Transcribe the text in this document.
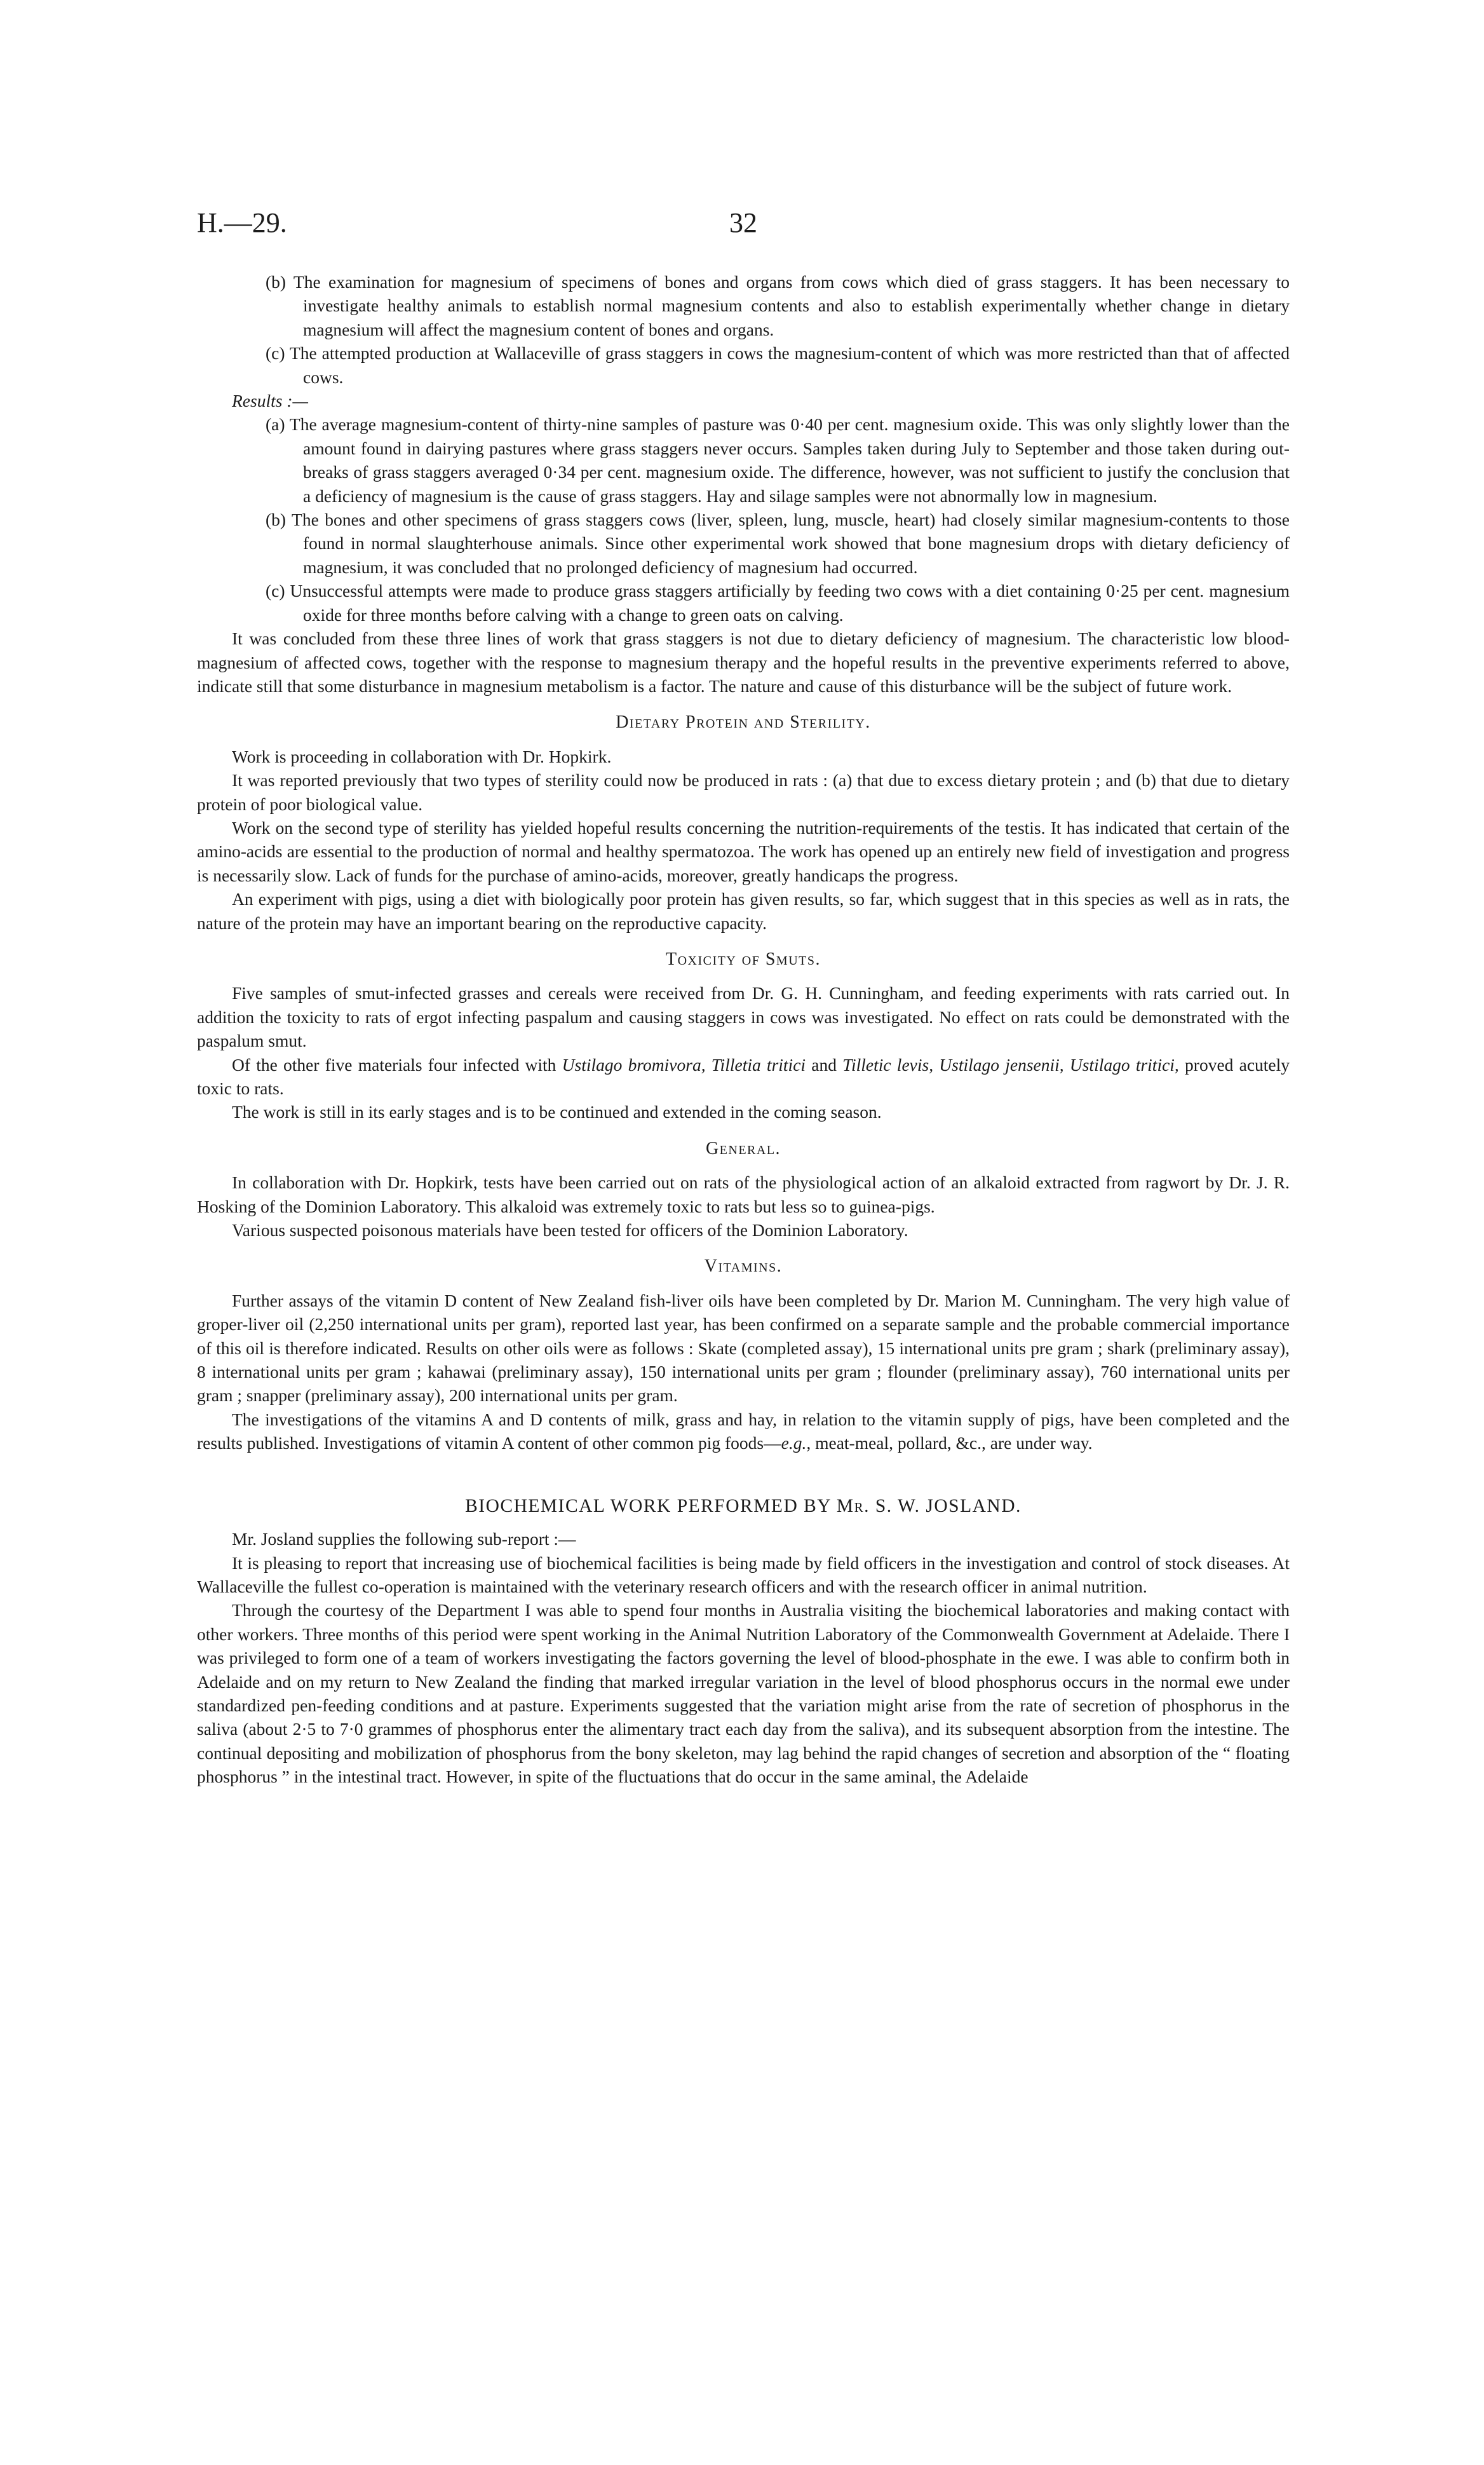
H.—29.	32

(b) The examination for magnesium of specimens of bones and organs from cows which died of grass staggers. It has been necessary to investigate healthy animals to establish normal magnesium contents and also to establish experimentally whether change in dietary magnesium will affect the magnesium content of bones and organs.

(c) The attempted production at Wallaceville of grass staggers in cows the magnesium-content of which was more restricted than that of affected cows.

Results :—

(a) The average magnesium-content of thirty-nine samples of pasture was 0·40 per cent. magnesium oxide. This was only slightly lower than the amount found in dairying pastures where grass staggers never occurs. Samples taken during July to September and those taken during out-breaks of grass staggers averaged 0·34 per cent. magnesium oxide. The difference, however, was not sufficient to justify the conclusion that a deficiency of magnesium is the cause of grass staggers. Hay and silage samples were not abnormally low in magnesium.

(b) The bones and other specimens of grass staggers cows (liver, spleen, lung, muscle, heart) had closely similar magnesium-contents to those found in normal slaughterhouse animals. Since other experimental work showed that bone magnesium drops with dietary deficiency of magnesium, it was concluded that no prolonged deficiency of magnesium had occurred.

(c) Unsuccessful attempts were made to produce grass staggers artificially by feeding two cows with a diet containing 0·25 per cent. magnesium oxide for three months before calving with a change to green oats on calving.

It was concluded from these three lines of work that grass staggers is not due to dietary deficiency of magnesium. The characteristic low blood-magnesium of affected cows, together with the response to magnesium therapy and the hopeful results in the preventive experiments referred to above, indicate still that some disturbance in magnesium metabolism is a factor. The nature and cause of this disturbance will be the subject of future work.

Dietary Protein and Sterility.

Work is proceeding in collaboration with Dr. Hopkirk.

It was reported previously that two types of sterility could now be produced in rats : (a) that due to excess dietary protein ; and (b) that due to dietary protein of poor biological value.

Work on the second type of sterility has yielded hopeful results concerning the nutrition-requirements of the testis. It has indicated that certain of the amino-acids are essential to the production of normal and healthy spermatozoa. The work has opened up an entirely new field of investigation and progress is necessarily slow. Lack of funds for the purchase of amino-acids, moreover, greatly handicaps the progress.

An experiment with pigs, using a diet with biologically poor protein has given results, so far, which suggest that in this species as well as in rats, the nature of the protein may have an important bearing on the reproductive capacity.

Toxicity of Smuts.

Five samples of smut-infected grasses and cereals were received from Dr. G. H. Cunningham, and feeding experiments with rats carried out. In addition the toxicity to rats of ergot infecting paspalum and causing staggers in cows was investigated. No effect on rats could be demonstrated with the paspalum smut.

Of the other five materials four infected with Ustilago bromivora, Tilletia tritici and Tilletic levis, Ustilago jensenii, Ustilago tritici, proved acutely toxic to rats.

The work is still in its early stages and is to be continued and extended in the coming season.

General.

In collaboration with Dr. Hopkirk, tests have been carried out on rats of the physiological action of an alkaloid extracted from ragwort by Dr. J. R. Hosking of the Dominion Laboratory. This alkaloid was extremely toxic to rats but less so to guinea-pigs.

Various suspected poisonous materials have been tested for officers of the Dominion Laboratory.

Vitamins.

Further assays of the vitamin D content of New Zealand fish-liver oils have been completed by Dr. Marion M. Cunningham. The very high value of groper-liver oil (2,250 international units per gram), reported last year, has been confirmed on a separate sample and the probable commercial importance of this oil is therefore indicated. Results on other oils were as follows : Skate (completed assay), 15 international units pre gram ; shark (preliminary assay), 8 international units per gram ; kahawai (preliminary assay), 150 international units per gram ; flounder (preliminary assay), 760 international units per gram ; snapper (preliminary assay), 200 international units per gram.

The investigations of the vitamins A and D contents of milk, grass and hay, in relation to the vitamin supply of pigs, have been completed and the results published. Investigations of vitamin A content of other common pig foods—e.g., meat-meal, pollard, &c., are under way.

BIOCHEMICAL WORK PERFORMED BY Mr. S. W. JOSLAND.

Mr. Josland supplies the following sub-report :—

It is pleasing to report that increasing use of biochemical facilities is being made by field officers in the investigation and control of stock diseases. At Wallaceville the fullest co-operation is maintained with the veterinary research officers and with the research officer in animal nutrition.

Through the courtesy of the Department I was able to spend four months in Australia visiting the biochemical laboratories and making contact with other workers. Three months of this period were spent working in the Animal Nutrition Laboratory of the Commonwealth Government at Adelaide. There I was privileged to form one of a team of workers investigating the factors governing the level of blood-phosphate in the ewe. I was able to confirm both in Adelaide and on my return to New Zealand the finding that marked irregular variation in the level of blood phosphorus occurs in the normal ewe under standardized pen-feeding conditions and at pasture. Experiments suggested that the variation might arise from the rate of secretion of phosphorus in the saliva (about 2·5 to 7·0 grammes of phosphorus enter the alimentary tract each day from the saliva), and its subsequent absorption from the intestine. The continual depositing and mobilization of phosphorus from the bony skeleton, may lag behind the rapid changes of secretion and absorption of the “ floating phosphorus ” in the intestinal tract. However, in spite of the fluctuations that do occur in the same aminal, the Adelaide
